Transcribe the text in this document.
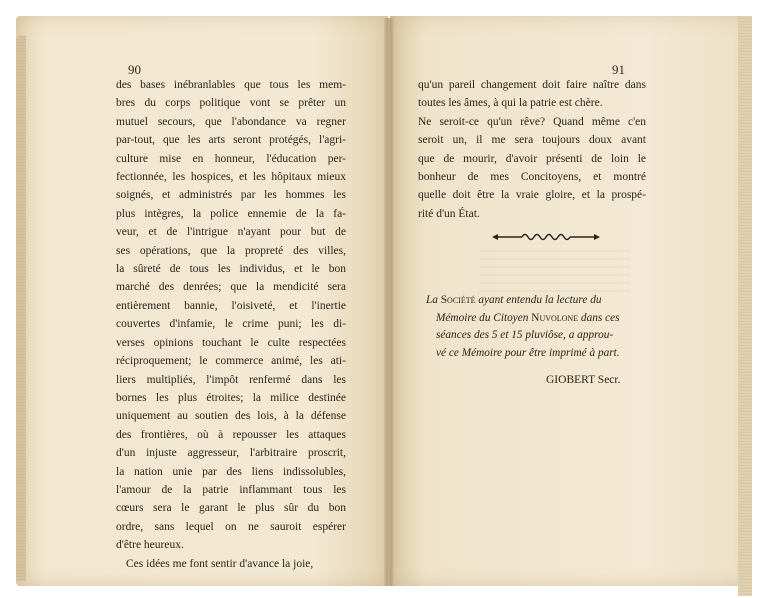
90	91
des bases inébranlables que tous les mem-
bres du corps politique vont se prêter un
mutuel secours, que l'abondance va regner
par-tout, que les arts seront protégés, l'agri-
culture mise en honneur, l'éducation per-
fectionnée, les hospices, et les hôpitaux mieux
soignés, et administrés par les hommes les
plus intègres, la police ennemie de la fa-
veur, et de l'intrigue n'ayant pour but de
ses opérations, que la propreté des villes,
la sûreté de tous les individus, et le bon
marché des denrées; que la mendicité sera
entièrement bannie, l'oisiveté, et l'inertie
couvertes d'infamie, le crime puni; les di-
verses opinions touchant le culte respectées
réciproquement; le commerce animé, les ati-
liers multipliés, l'impôt renfermé dans les
bornes les plus étroites; la milice destinée
uniquement au soutien des lois, à la défense
des frontières, où à repousser les attaques
d'un injuste aggresseur, l'arbitraire proscrit,
la nation unie par des liens indissolubles,
l'amour de la patrie inflammant tous les
cœurs sera le garant le plus sûr du bon
ordre, sans lequel on ne sauroit espérer
d'être heureux.
Ces idées me font sentir d'avance la joie,
qu'un pareil changement doit faire naître dans
toutes les âmes, à qui la patrie est chère.
Ne seroit-ce qu'un rêve? Quand même c'en
seroit un, il me sera toujours doux avant
que de mourir, d'avoir présenti de loin le
bonheur de mes Concitoyens, et montré
quelle doit être la vraie gloire, et la prospé-
rité d'un État.
La Société ayant entendu la lecture du
Mémoire du Citoyen Nuvolone dans ces
séances des 5 et 15 pluviôse, a approu-
vé ce Mémoire pour être imprimé à part.
GIOBERT Secr.
